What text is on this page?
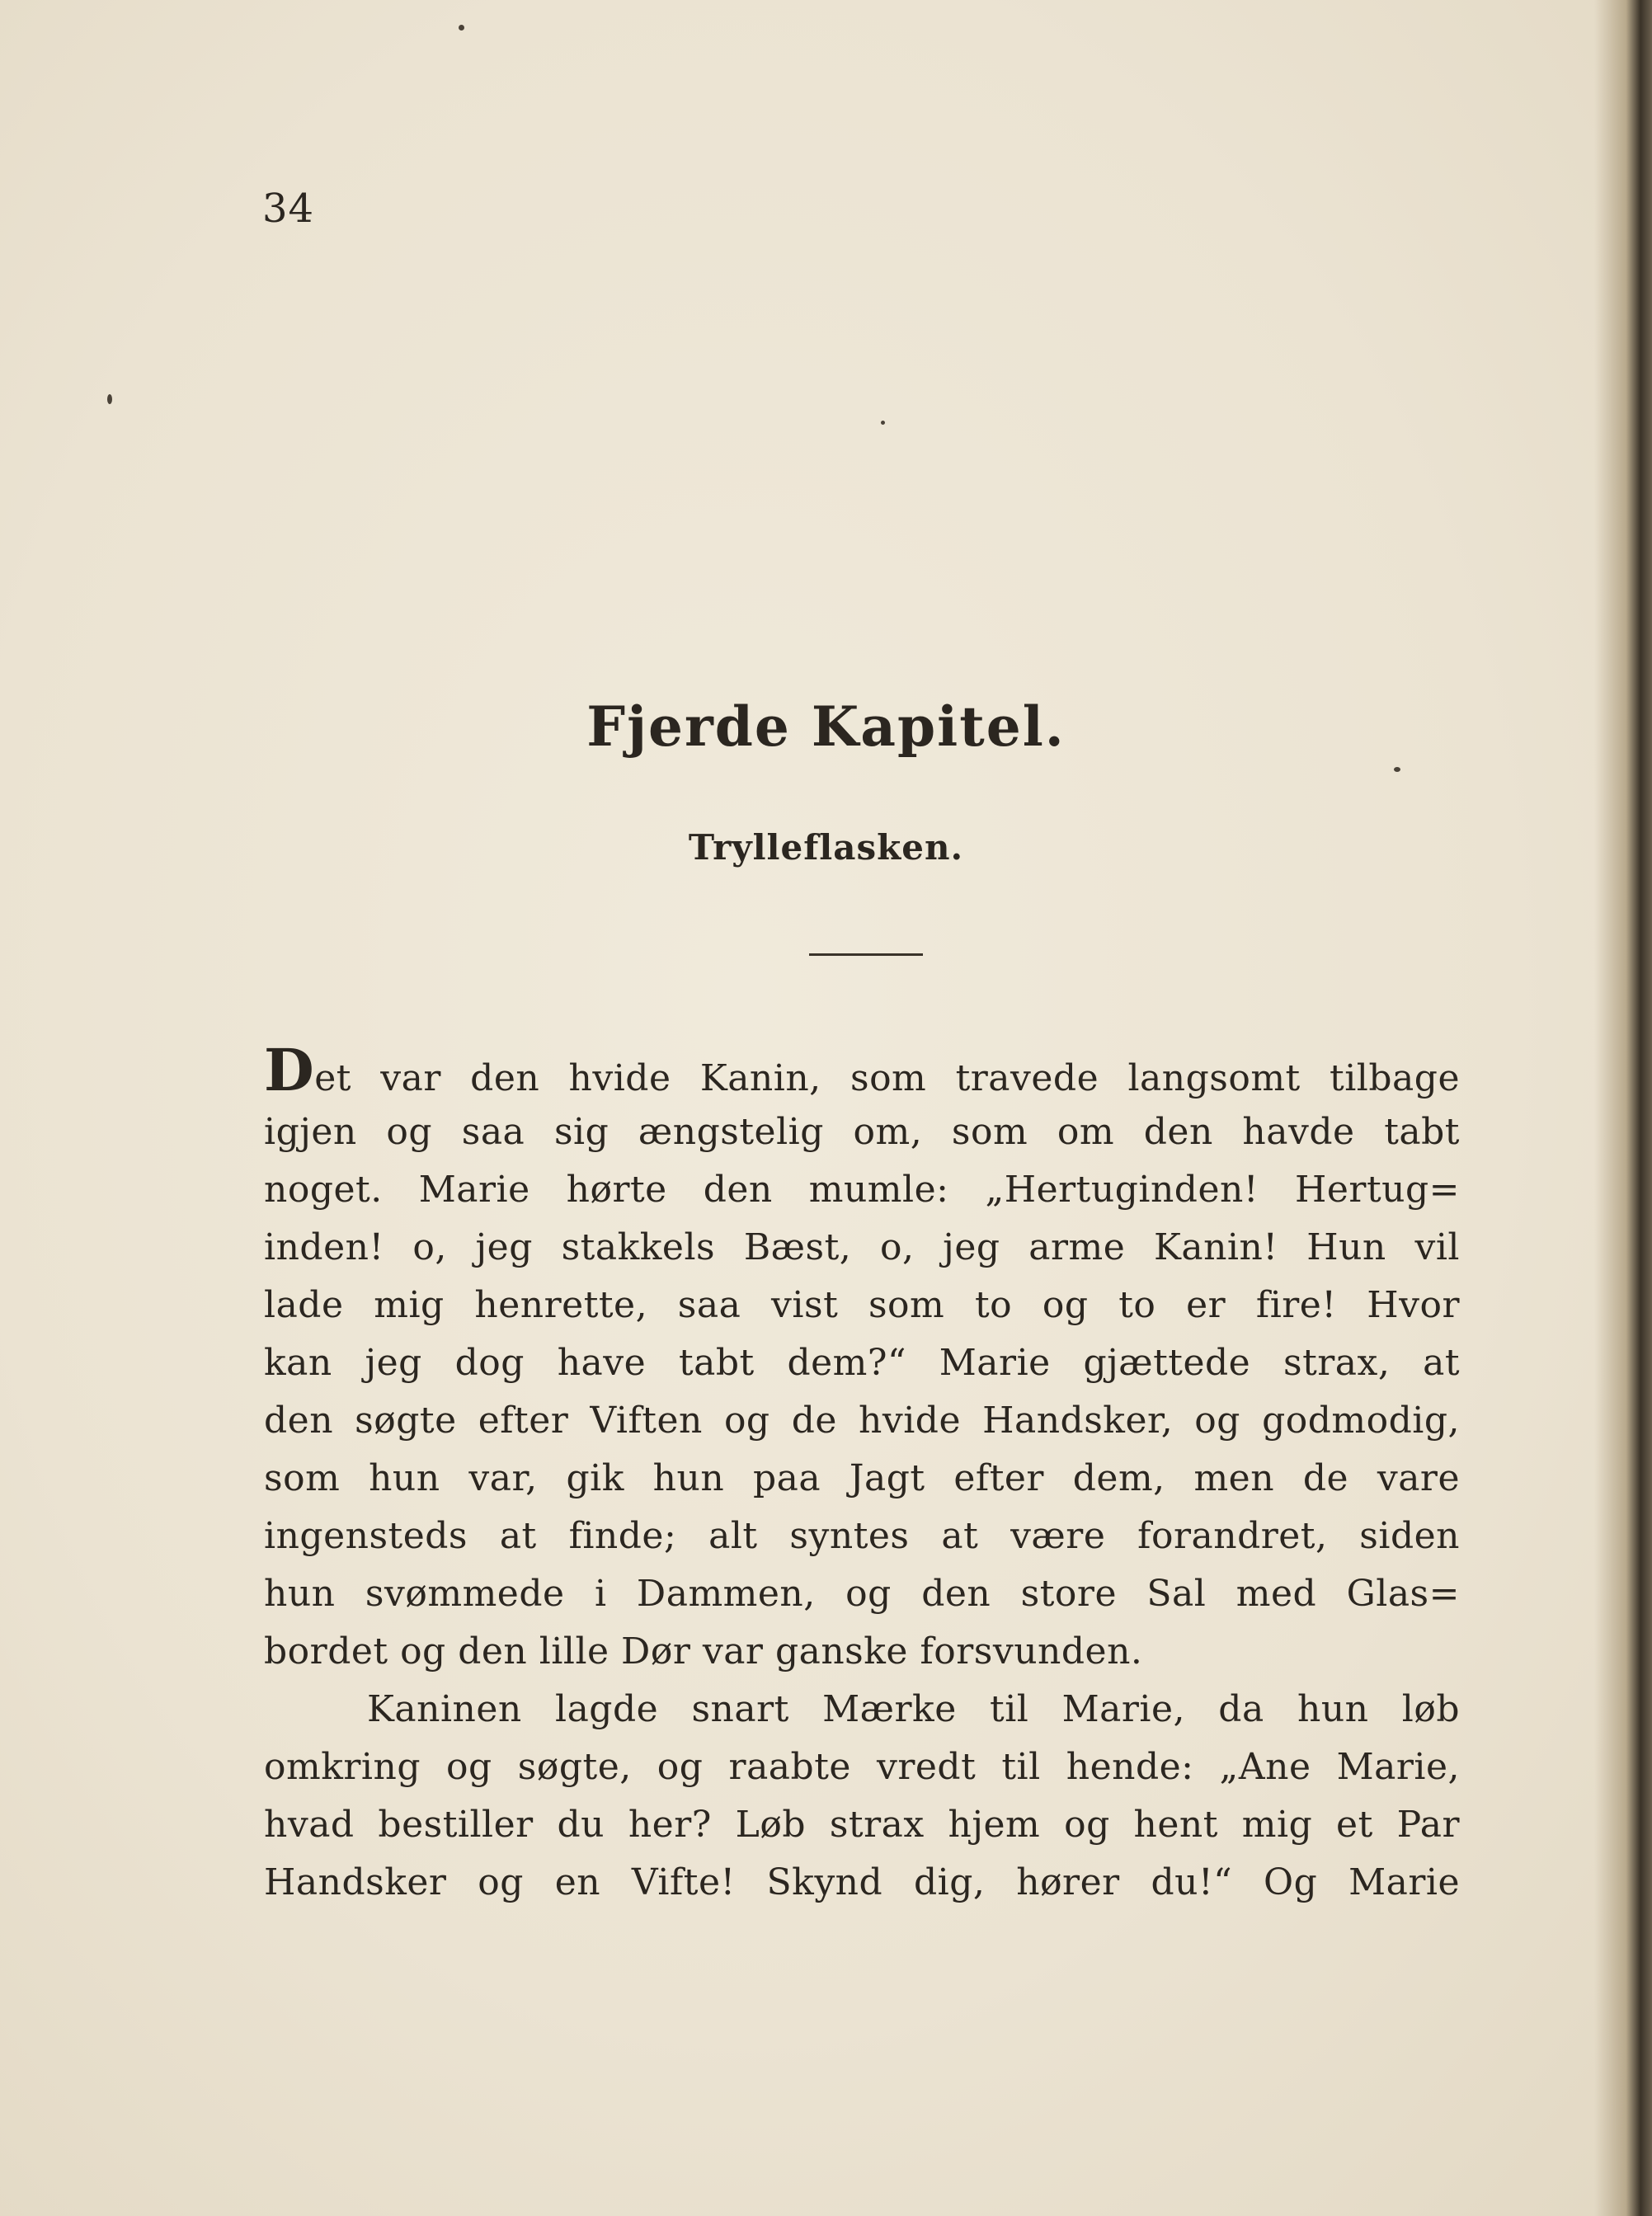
34
Fjerde Kapitel.
Trylleflasken.
Det var den hvide Kanin, som travede langsomt tilbage
igjen og saa sig ængstelig om, som om den havde tabt
noget. Marie hørte den mumle: „Hertuginden! Hertug=
inden! o, jeg stakkels Bæst, o, jeg arme Kanin! Hun vil
lade mig henrette, saa vist som to og to er fire! Hvor
kan jeg dog have tabt dem?“ Marie gjættede strax, at
den søgte efter Viften og de hvide Handsker, og godmodig,
som hun var, gik hun paa Jagt efter dem, men de vare
ingensteds at finde; alt syntes at være forandret, siden
hun svømmede i Dammen, og den store Sal med Glas=
bordet og den lille Dør var ganske forsvunden.
Kaninen lagde snart Mærke til Marie, da hun løb
omkring og søgte, og raabte vredt til hende: „Ane Marie,
hvad bestiller du her? Løb strax hjem og hent mig et Par
Handsker og en Vifte! Skynd dig, hører du!“ Og Marie
